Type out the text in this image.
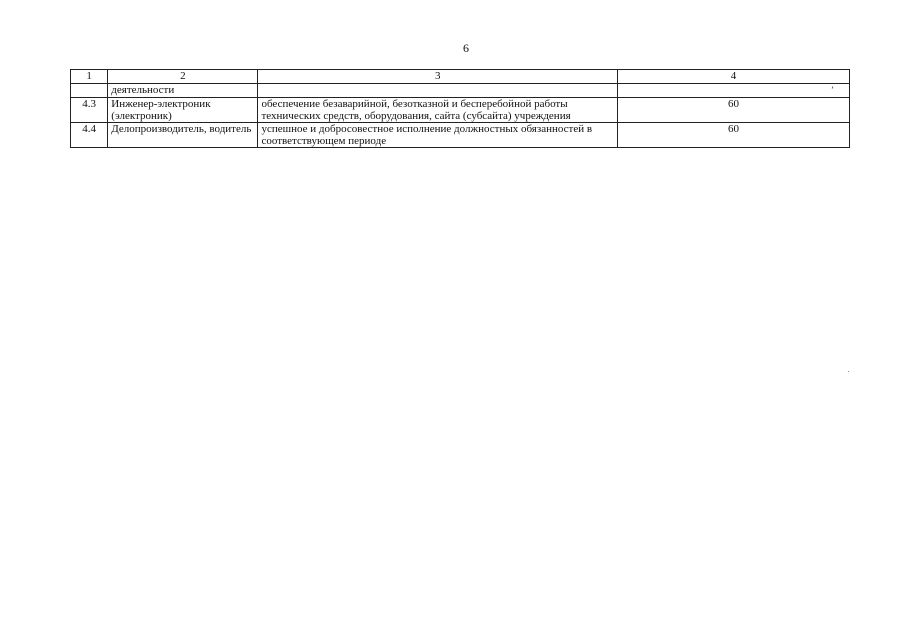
6
1	2	3	4
	деятельности		
4.3	Инженер-электроник (электроник)	обеспечение безаварийной, безотказной и бесперебойной работы технических средств, оборудования, сайта (субсайта) учреждения	60
4.4	Делопроизводитель, водитель	успешное и добросовестное исполнение должностных обязанностей в соответствующем периоде	60
ʼ
